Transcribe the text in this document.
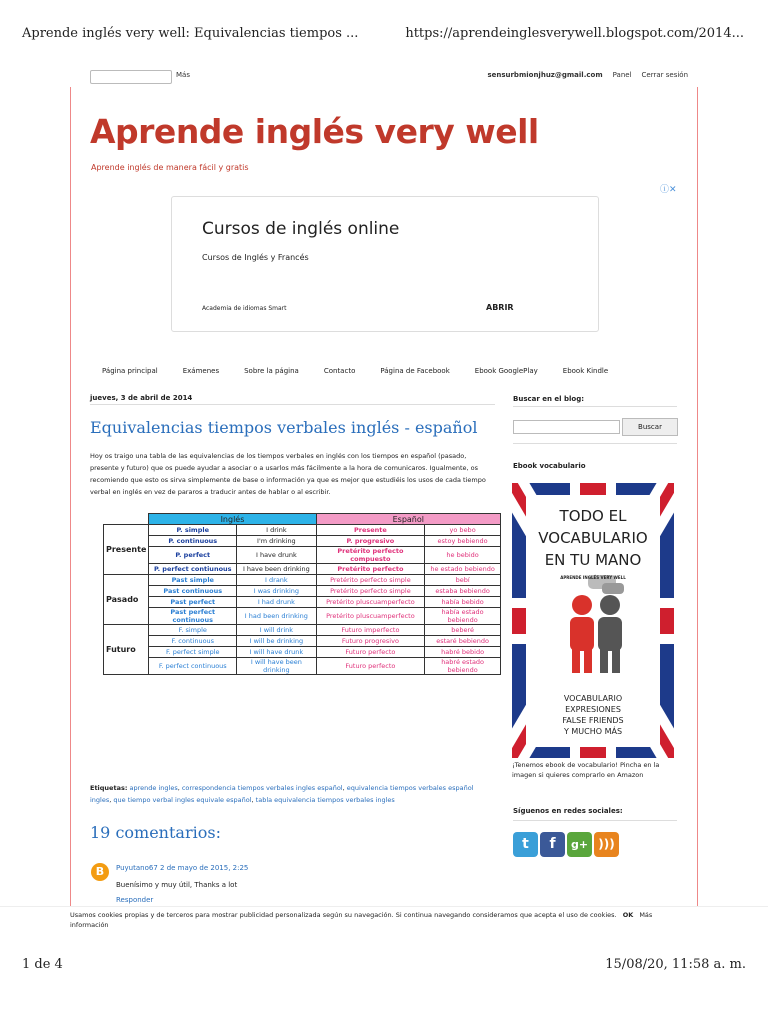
Aprende inglés very well: Equivalencias tiempos ...	https://aprendeinglesverywell.blogspot.com/2014...
1 de 4	15/08/20, 11:58 a. m.
Más	sensurbmionjhuz@gmail.com Panel Cerrar sesión
Aprende inglés very well
Aprende inglés de manera fácil y gratis
ⓘ✕
Cursos de inglés online
Cursos de Inglés y Francés
Academia de idiomas Smart	ABRIR
Página principal	Exámenes	Sobre la página	Contacto	Página de Facebook	Ebook GooglePlay	Ebook Kindle
jueves, 3 de abril de 2014
Equivalencias tiempos verbales inglés - español
Hoy os traigo una tabla de las equivalencias de los tiempos verbales en inglés con los tiempos en español (pasado, presente y futuro) que os puede ayudar a asociar o a usarlos más fácilmente a la hora de comunicaros. Igualmente, os recomiendo que esto os sirva simplemente de base o información ya que es mejor que estudiéis los usos de cada tiempo verbal en inglés en vez de pararos a traducir antes de hablar o al escribir.
	Inglés		Español	
Presente	P. simple	I drink	Presente	yo bebo
	P. continuous	I'm drinking	P. progresivo	estoy bebiendo
	P. perfect	I have drunk	Pretérito perfecto compuesto	he bebido
	P. perfect contiunous	I have been drinking	Pretérito perfecto	he estado bebiendo
Pasado	Past simple	I drank	Pretérito perfecto simple	bebí
	Past continuous	I was drinking	Pretérito perfecto simple	estaba bebiendo
	Past perfect	I had drunk	Pretérito pluscuamperfecto	había bebido
	Past perfect continuous	I had been drinking	Pretérito pluscuamperfecto	había estado bebiendo
Futuro	F. simple	I will drink	Futuro imperfecto	beberé
	F. continuous	I will be drinking	Futuro progresivo	estaré bebiendo
	F. perfect simple	I will have drunk	Futuro perfecto	habré bebido
	F. perfect continuous	I will have been drinking	Futuro perfecto	habré estado bebiendo
Etiquetas: aprende ingles, correspondencia tiempos verbales ingles español, equivalencia tiempos verbales español ingles, que tiempo verbal ingles equivale español, tabla equivalencia tiempos verbales ingles
19 comentarios:
B	Puyutano67 2 de mayo de 2015, 2:25
Buenísimo y muy útil, Thanks a lot
Responder
Buscar en el blog:
Buscar
Ebook vocabulario
TODO EL
VOCABULARIO
EN TU MANO
APRENDE INGLÉS VERY WELL
VOCABULARIO
EXPRESIONES
FALSE FRIENDS
Y MUCHO MÁS
¡Tenemos ebook de vocabulario! Pincha en la imagen si quieres comprarlo en Amazon
Síguenos en redes sociales:
t	f	g+ )))
Usamos cookies propias y de terceros para mostrar publicidad personalizada según su navegación. Si continua navegando consideramos que acepta el uso de cookies. OK Más información
